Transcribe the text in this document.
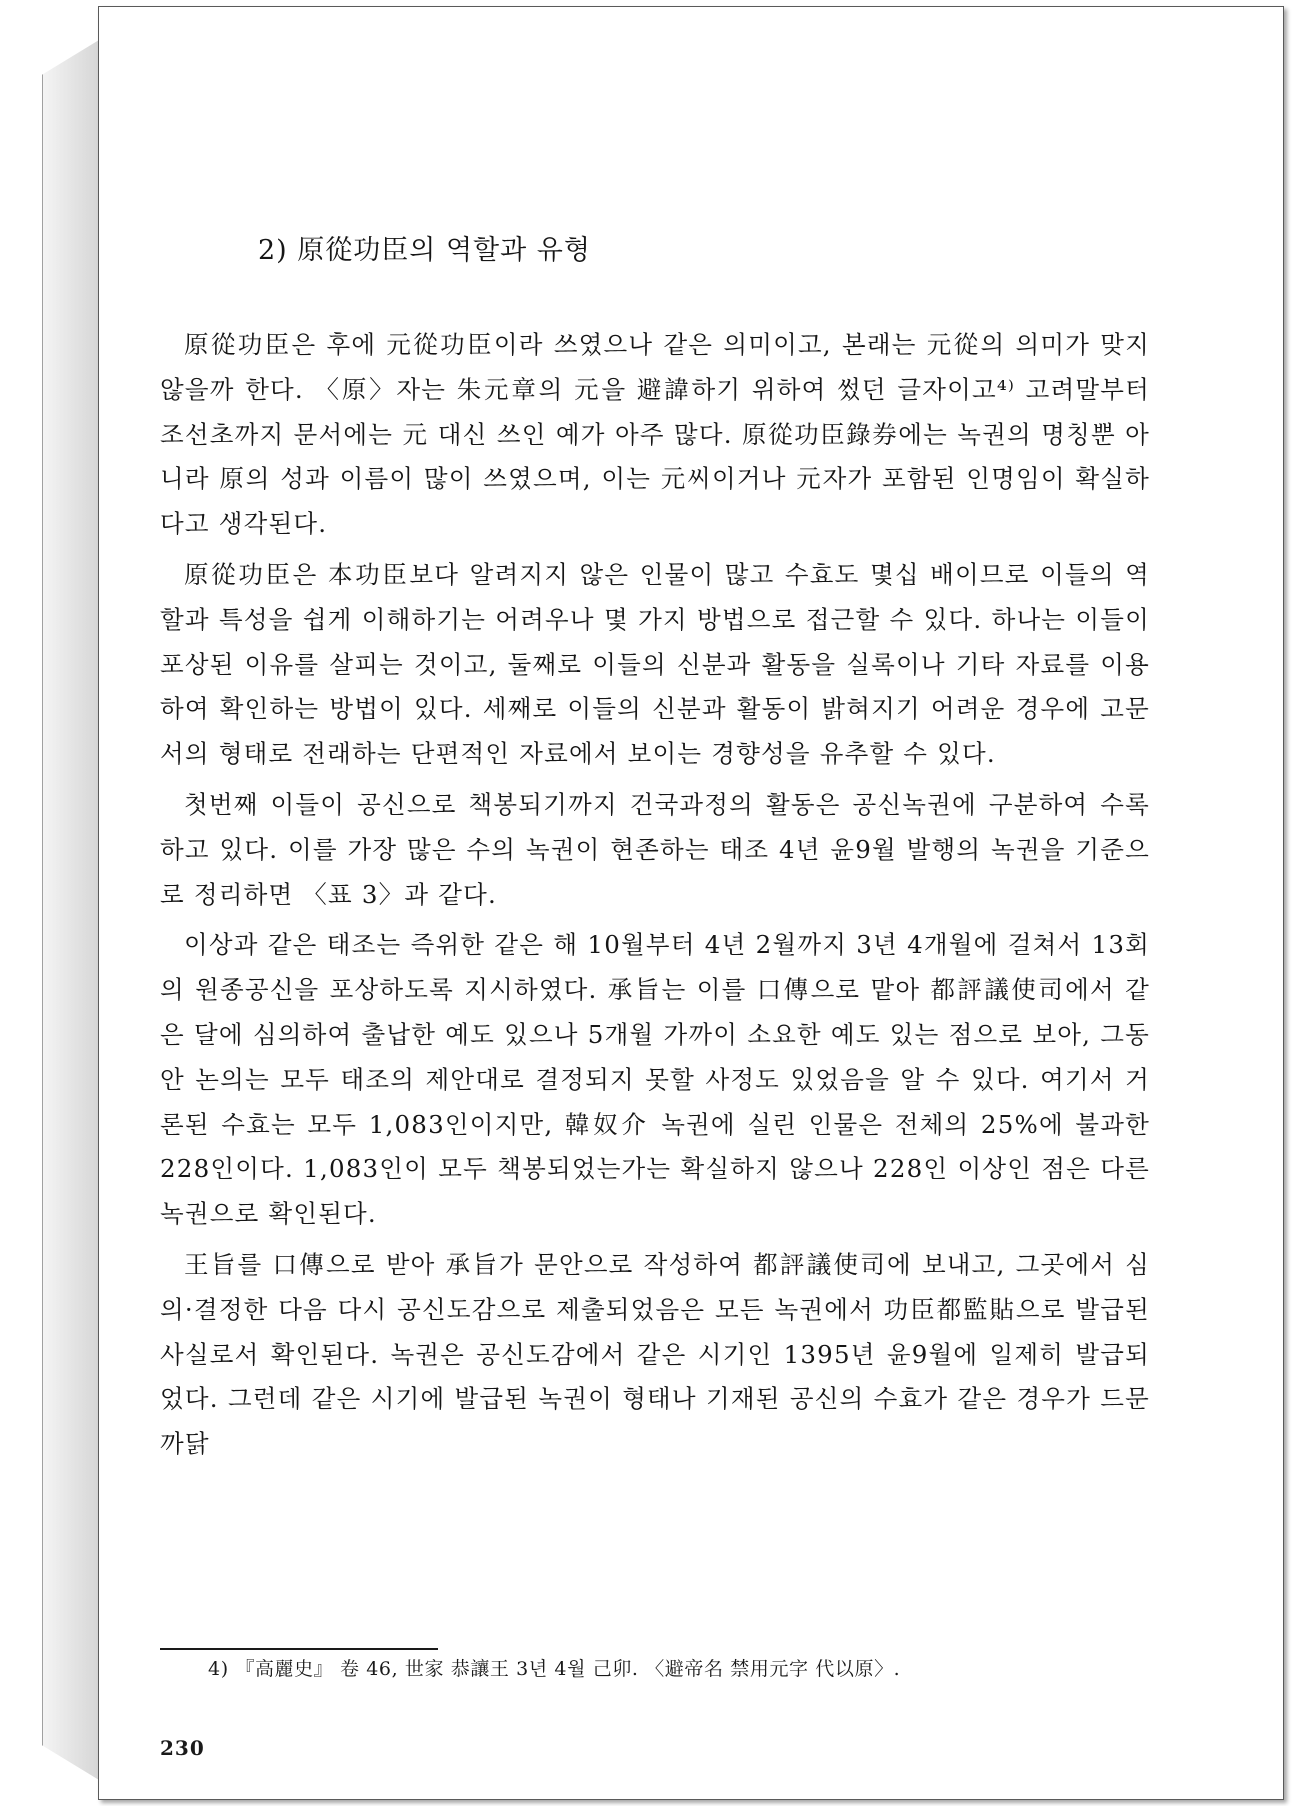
2) 原從功臣의 역할과 유형

原從功臣은 후에 元從功臣이라 쓰였으나 같은 의미이고, 본래는 元從의 의미가 맞지 않을까 한다. 〈原〉자는 朱元章의 元을 避諱하기 위하여 썼던 글자이고⁴⁾ 고려말부터 조선초까지 문서에는 元 대신 쓰인 예가 아주 많다. 原從功臣錄券에는 녹권의 명칭뿐 아니라 原의 성과 이름이 많이 쓰였으며, 이는 元씨이거나 元자가 포함된 인명임이 확실하다고 생각된다.

原從功臣은 本功臣보다 알려지지 않은 인물이 많고 수효도 몇십 배이므로 이들의 역할과 특성을 쉽게 이해하기는 어려우나 몇 가지 방법으로 접근할 수 있다. 하나는 이들이 포상된 이유를 살피는 것이고, 둘째로 이들의 신분과 활동을 실록이나 기타 자료를 이용하여 확인하는 방법이 있다. 세째로 이들의 신분과 활동이 밝혀지기 어려운 경우에 고문서의 형태로 전래하는 단편적인 자료에서 보이는 경향성을 유추할 수 있다.

첫번째 이들이 공신으로 책봉되기까지 건국과정의 활동은 공신녹권에 구분하여 수록하고 있다. 이를 가장 많은 수의 녹권이 현존하는 태조 4년 윤9월 발행의 녹권을 기준으로 정리하면 〈표 3〉과 같다.

이상과 같은 태조는 즉위한 같은 해 10월부터 4년 2월까지 3년 4개월에 걸쳐서 13회의 원종공신을 포상하도록 지시하였다. 承旨는 이를 口傳으로 맡아 都評議使司에서 같은 달에 심의하여 출납한 예도 있으나 5개월 가까이 소요한 예도 있는 점으로 보아, 그동안 논의는 모두 태조의 제안대로 결정되지 못할 사정도 있었음을 알 수 있다. 여기서 거론된 수효는 모두 1,083인이지만, 韓奴介 녹권에 실린 인물은 전체의 25%에 불과한 228인이다. 1,083인이 모두 책봉되었는가는 확실하지 않으나 228인 이상인 점은 다른 녹권으로 확인된다.

王旨를 口傳으로 받아 承旨가 문안으로 작성하여 都評議使司에 보내고, 그곳에서 심의·결정한 다음 다시 공신도감으로 제출되었음은 모든 녹권에서 功臣都監貼으로 발급된 사실로서 확인된다. 녹권은 공신도감에서 같은 시기인 1395년 윤9월에 일제히 발급되었다. 그런데 같은 시기에 발급된 녹권이 형태나 기재된 공신의 수효가 같은 경우가 드문 까닭

4) 『高麗史』 卷 46, 世家 恭讓王 3년 4월 己卯. 〈避帝名 禁用元字 代以原〉.
230
